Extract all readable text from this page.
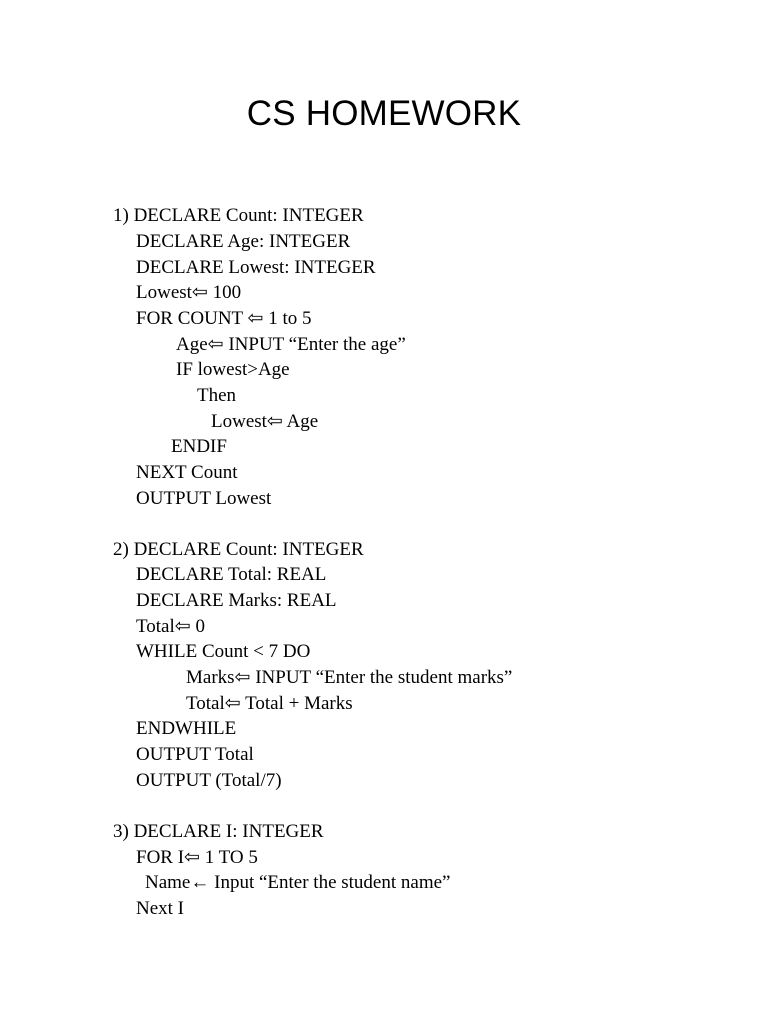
CS HOMEWORK
1) DECLARE Count: INTEGER
DECLARE Age: INTEGER
DECLARE Lowest: INTEGER
Lowest⇦ 100
FOR COUNT ⇦ 1 to 5
Age⇦ INPUT “Enter the age”
IF lowest>Age
Then
Lowest⇦ Age
ENDIF
NEXT Count
OUTPUT Lowest
2) DECLARE Count: INTEGER
DECLARE Total: REAL
DECLARE Marks: REAL
Total⇦ 0
WHILE Count < 7 DO
Marks⇦ INPUT “Enter the student marks”
Total⇦ Total + Marks
ENDWHILE
OUTPUT Total
OUTPUT (Total/7)
3) DECLARE I: INTEGER
FOR I⇦ 1 TO 5
Name← Input “Enter the student name”
Next I
